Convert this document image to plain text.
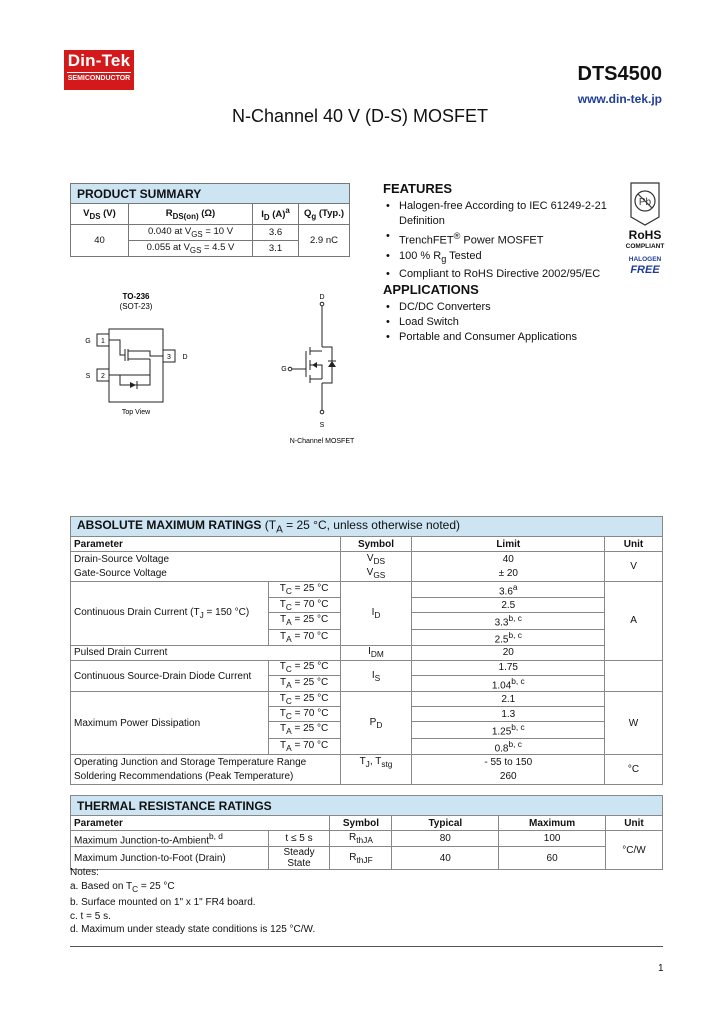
Din-Tek
SEMICONDUCTOR	DTS4500
www.din-tek.jp
N-Channel 40 V (D-S) MOSFET
PRODUCT SUMMARY			
$V_{DS}$ (V)	$R_{DS(on)}$ (Ω)	$I_D$ $(A)^a$	$Q_g$ (Typ.)
40	0.040 at $V_{GS} = 10$ V	3.6	2.9 nC
	0.055 at $V_{GS} = 4.5$ V	3.1	
FEATURES
• Halogen-free According to IEC 61249-2-21 Definition
• TrenchFET® Power MOSFET
• 100 % $R_g$ Tested
• Compliant to RoHS Directive 2002/95/EC
APPLICATIONS
• DC/DC Converters
• Load Switch
• Portable and Consumer Applications
Pb
RoHS
COMPLIANT
HALOGEN
FREE
TO-236
(SOT-23)
1
2
3
G
S
D
Top View
D
G
S
N-Channel MOSFET
ABSOLUTE MAXIMUM RATINGS ($T_A = 25$ °C, unless otherwise noted)				
Parameter		Symbol	Limit	Unit
Drain-Source Voltage		$V_{DS}$	40	V
Gate-Source Voltage		$V_{GS}$	± 20	
Continuous Drain Current ($T_J = 150$ °C)	$T_C = 25$ °C	$I_D$	3.6$^a$	A
	$T_C = 70$ °C		2.5	
	$T_A = 25$ °C		3.3$^{b, c}$
	$T_A = 70$ °C		2.5$^{b, c}$
Pulsed Drain Current		$I_{DM}$	20	
Continuous Source-Drain Diode Current	$T_C = 25$ °C	$I_S$	1.75	
	$T_A = 25$ °C		1.04$^{b, c}$
Maximum Power Dissipation	$T_C = 25$ °C	$P_D$	2.1	W
	$T_C = 70$ °C		1.3	
	$T_A = 25$ °C		1.25$^{b, c}$
	$T_A = 70$ °C		0.8$^{b, c}$
Operating Junction and Storage Temperature Range		$T_J$, $T_{stg}$	- 55 to 150	°C
Soldering Recommendations (Peak Temperature)			260	
THERMAL RESISTANCE RATINGS					
Parameter		Symbol	Typical	Maximum	Unit
Maximum Junction-to-Ambient$^{b, d}$	t ≤ 5 s	$R_{thJA}$	80	100	°C/W
Maximum Junction-to-Foot (Drain)	Steady State	$R_{thJF}$	40	60	
Notes:
a. Based on $T_C = 25$ °C
b. Surface mounted on 1" x 1" FR4 board.
c. t = 5 s.
d. Maximum under steady state conditions is 125 °C/W.
1
